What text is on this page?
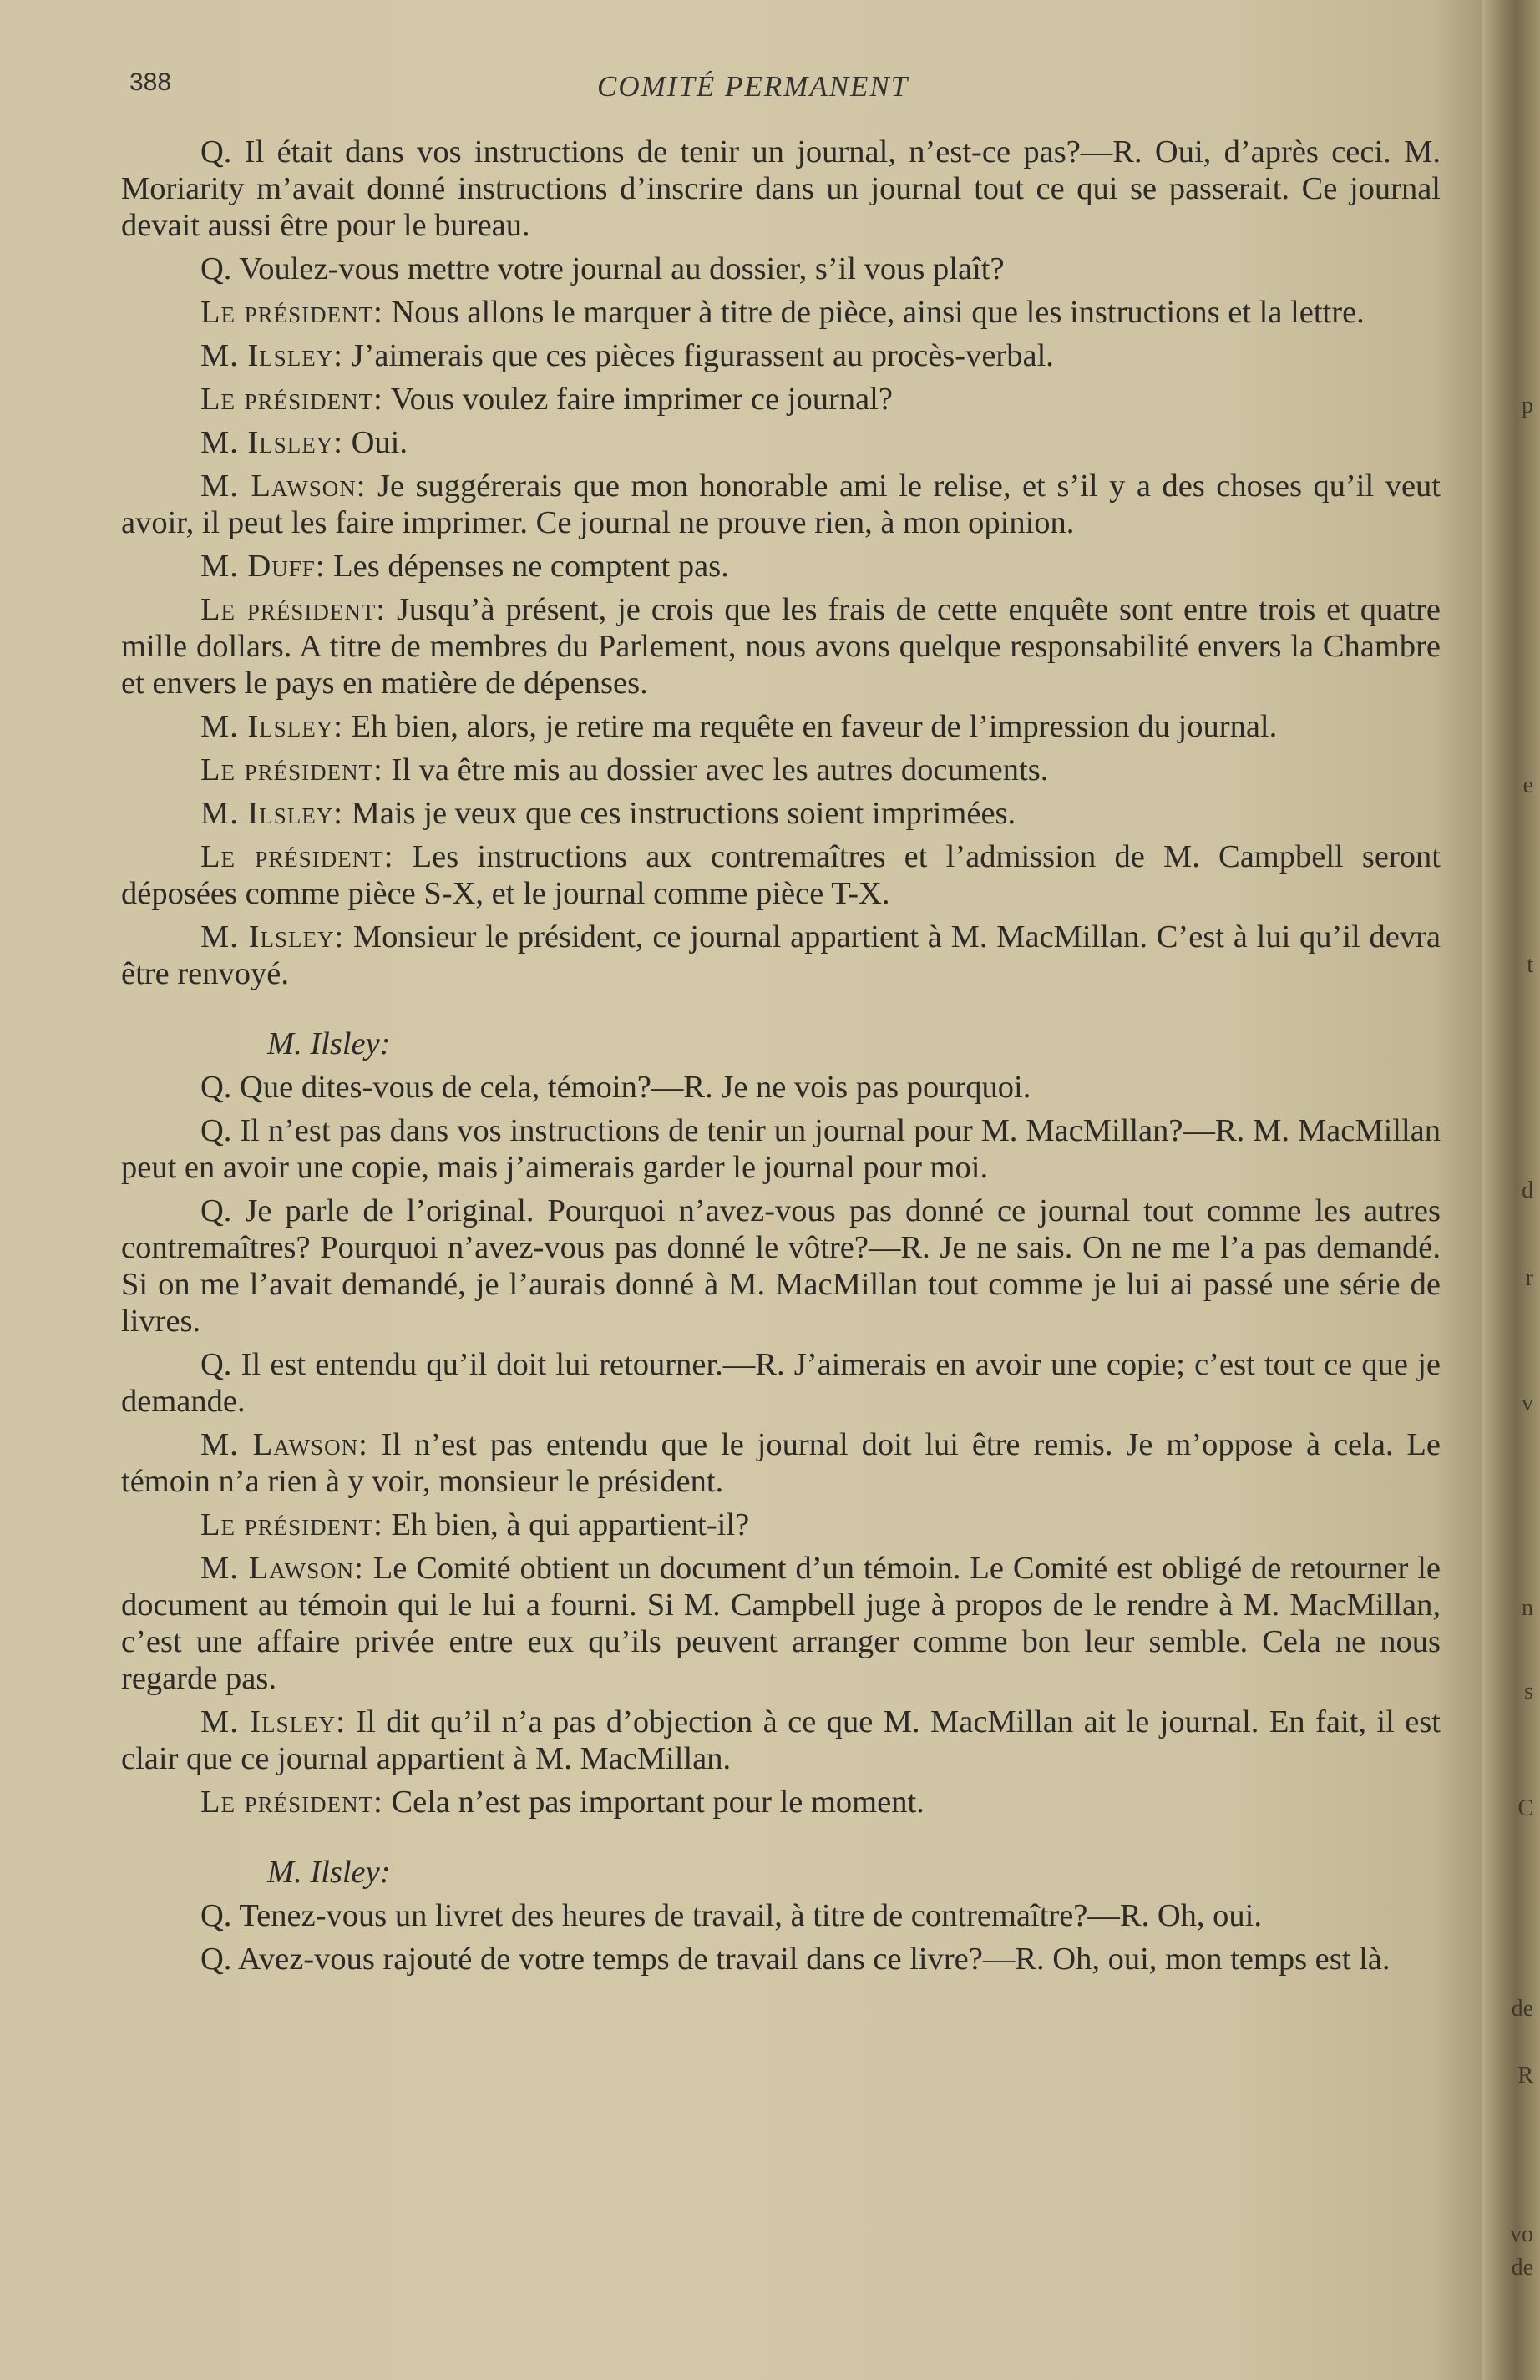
p
e
t
d
r
v
n
s
C
de
R
vo
de
388	COMITÉ PERMANENT

Q. Il était dans vos instructions de tenir un journal, n’est-ce pas?—R. Oui, d’après ceci. M. Moriarity m’avait donné instructions d’inscrire dans un journal tout ce qui se passerait. Ce journal devait aussi être pour le bureau.

Q. Voulez-vous mettre votre journal au dossier, s’il vous plaît?

Le président: Nous allons le marquer à titre de pièce, ainsi que les instructions et la lettre.

M. Ilsley: J’aimerais que ces pièces figurassent au procès-verbal.

Le président: Vous voulez faire imprimer ce journal?

M. Ilsley: Oui.

M. Lawson: Je suggérerais que mon honorable ami le relise, et s’il y a des choses qu’il veut avoir, il peut les faire imprimer. Ce journal ne prouve rien, à mon opinion.

M. Duff: Les dépenses ne comptent pas.

Le président: Jusqu’à présent, je crois que les frais de cette enquête sont entre trois et quatre mille dollars. A titre de membres du Parlement, nous avons quelque responsabilité envers la Chambre et envers le pays en matière de dépenses.

M. Ilsley: Eh bien, alors, je retire ma requête en faveur de l’impression du journal.

Le président: Il va être mis au dossier avec les autres documents.

M. Ilsley: Mais je veux que ces instructions soient imprimées.

Le président: Les instructions aux contremaîtres et l’admission de M. Campbell seront déposées comme pièce S-X, et le journal comme pièce T-X.

M. Ilsley: Monsieur le président, ce journal appartient à M. MacMillan. C’est à lui qu’il devra être renvoyé.

M. Ilsley:

Q. Que dites-vous de cela, témoin?—R. Je ne vois pas pourquoi.

Q. Il n’est pas dans vos instructions de tenir un journal pour M. MacMillan?—R. M. MacMillan peut en avoir une copie, mais j’aimerais garder le journal pour moi.

Q. Je parle de l’original. Pourquoi n’avez-vous pas donné ce journal tout comme les autres contremaîtres? Pourquoi n’avez-vous pas donné le vôtre?—R. Je ne sais. On ne me l’a pas demandé. Si on me l’avait demandé, je l’aurais donné à M. MacMillan tout comme je lui ai passé une série de livres.

Q. Il est entendu qu’il doit lui retourner.—R. J’aimerais en avoir une copie; c’est tout ce que je demande.

M. Lawson: Il n’est pas entendu que le journal doit lui être remis. Je m’oppose à cela. Le témoin n’a rien à y voir, monsieur le président.

Le président: Eh bien, à qui appartient-il?

M. Lawson: Le Comité obtient un document d’un témoin. Le Comité est obligé de retourner le document au témoin qui le lui a fourni. Si M. Campbell juge à propos de le rendre à M. MacMillan, c’est une affaire privée entre eux qu’ils peuvent arranger comme bon leur semble. Cela ne nous regarde pas.

M. Ilsley: Il dit qu’il n’a pas d’objection à ce que M. MacMillan ait le journal. En fait, il est clair que ce journal appartient à M. MacMillan.

Le président: Cela n’est pas important pour le moment.

M. Ilsley:

Q. Tenez-vous un livret des heures de travail, à titre de contremaître?—R. Oh, oui.

Q. Avez-vous rajouté de votre temps de travail dans ce livre?—R. Oh, oui, mon temps est là.
